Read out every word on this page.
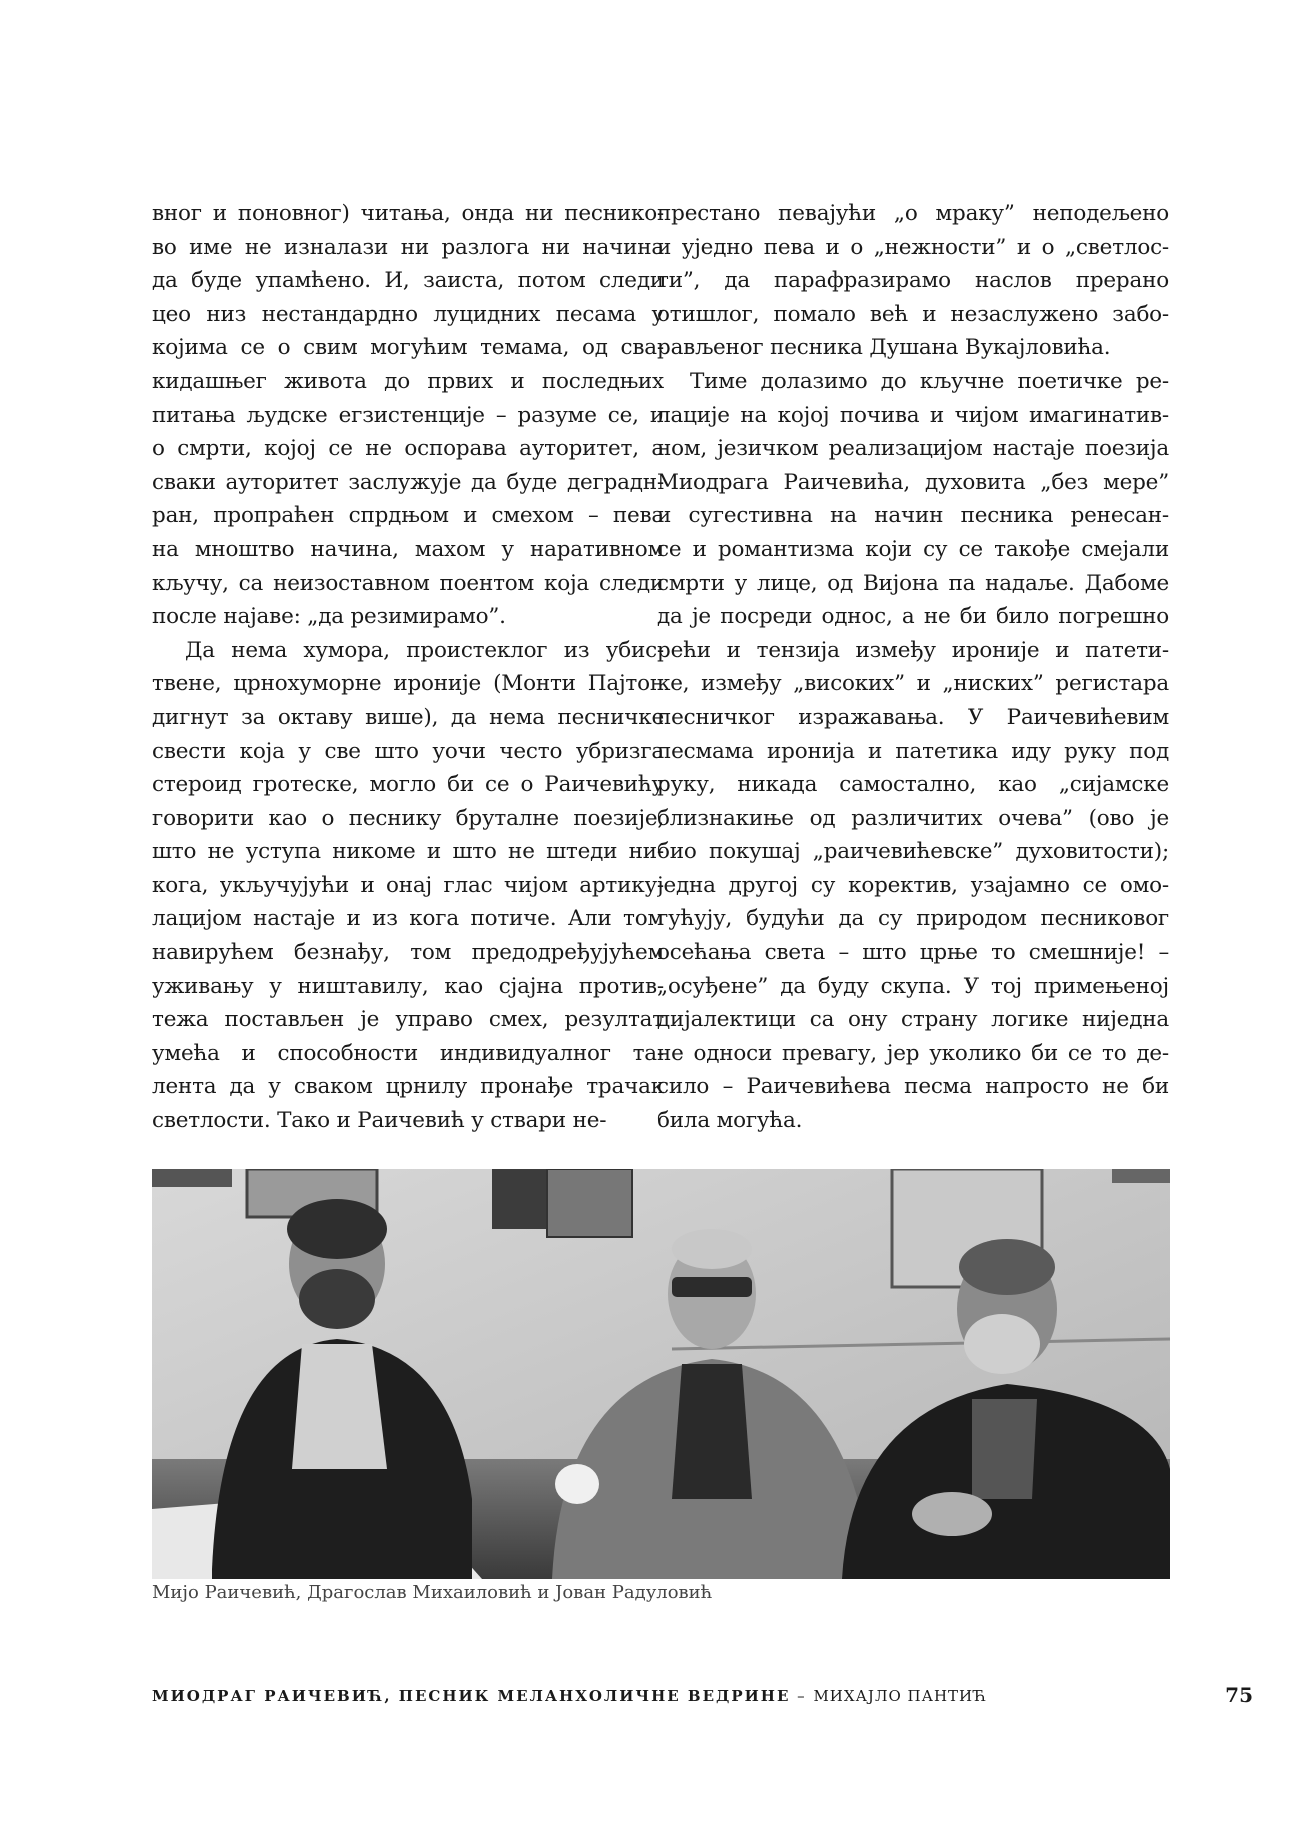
вног и поновног) читања, онда ни песнико-
во име не изналази ни разлога ни начина
да буде упамћено. И, заиста, потом следи
цео низ нестандардно луцидних песама у
којима се о свим могућим темама, од сва-
кидашњег живота до првих и последњих
питања људске егзистенције – разуме се, и
о смрти, којој се не оспорава ауторитет, а
сваки ауторитет заслужује да буде деградн-
ран, пропраћен спрдњом и смехом – пева
на мноштво начина, махом у наративном
кључу, са неизоставном поентом која следи
после најаве: „да резимирамо”.

Да нема хумора, проистеклог из убис-
твене, црнохуморне ироније (Монти Пајтон
дигнут за октаву више), да нема песничке
свести која у све што уочи често убризга
стероид гротеске, могло би се о Раичевићу
говорити као о песнику бруталне поезије,
што не уступа никоме и што не штеди ни-
кога, укључујући и онај глас чијом артику-
лацијом настаје и из кога потиче. Али том
навирућем безнађу, том предодређујућем
уживању у ништавилу, као сјајна против-
тежа постављен је управо смех, резултат
умећа и способности индивидуалног та-
лента да у сваком црнилу пронађе трачак
светлости. Тако и Раичевић у ствари не-

престано певајући „о мраку” неподељено
и уједно пева и о „нежности” и о „светлос-
ти”, да парафразирамо наслов прерано
отишлог, помало већ и незаслужено забо-
рављеног песника Душана Вукајловића.

Тиме долазимо до кључне поетичке ре-
лације на којој почива и чијом имагинатив-
ном, језичком реализацијом настаје поезија
Миодрага Раичевића, духовита „без мере”
и сугестивна на начин песника ренесан-
се и романтизма који су се такође смејали
смрти у лице, од Вијона па надаље. Дабоме
да је посреди однос, а не би било погрешно
рећи и тензија између ироније и патети-
ке, између „високих” и „ниских” регистара
песничког изражавања. У Раичевићевим
песмама иронија и патетика иду руку под
руку, никада самостално, као „сијамске
близнакиње од различитих очева” (ово је
био покушај „раичевићевске” духовитости);
једна другој су коректив, узајамно се омо-
гућују, будући да су природом песниковог
осећања света – што црње то смешније! –
„осуђене” да буду скупа. У тој примењеној
дијалектици са ону страну логике ниједна
не односи превагу, јер уколико би се то де-
сило – Раичевићева песма напросто не би
била могућа.

Мијо Раичевић, Драгослав Михаиловић и Јован Радуловић
МИОДРАГ РАИЧЕВИЋ, ПЕСНИК МЕЛАНХОЛИЧНЕ ВЕДРИНЕ – МИХАЈЛО ПАНТИЋ	75
